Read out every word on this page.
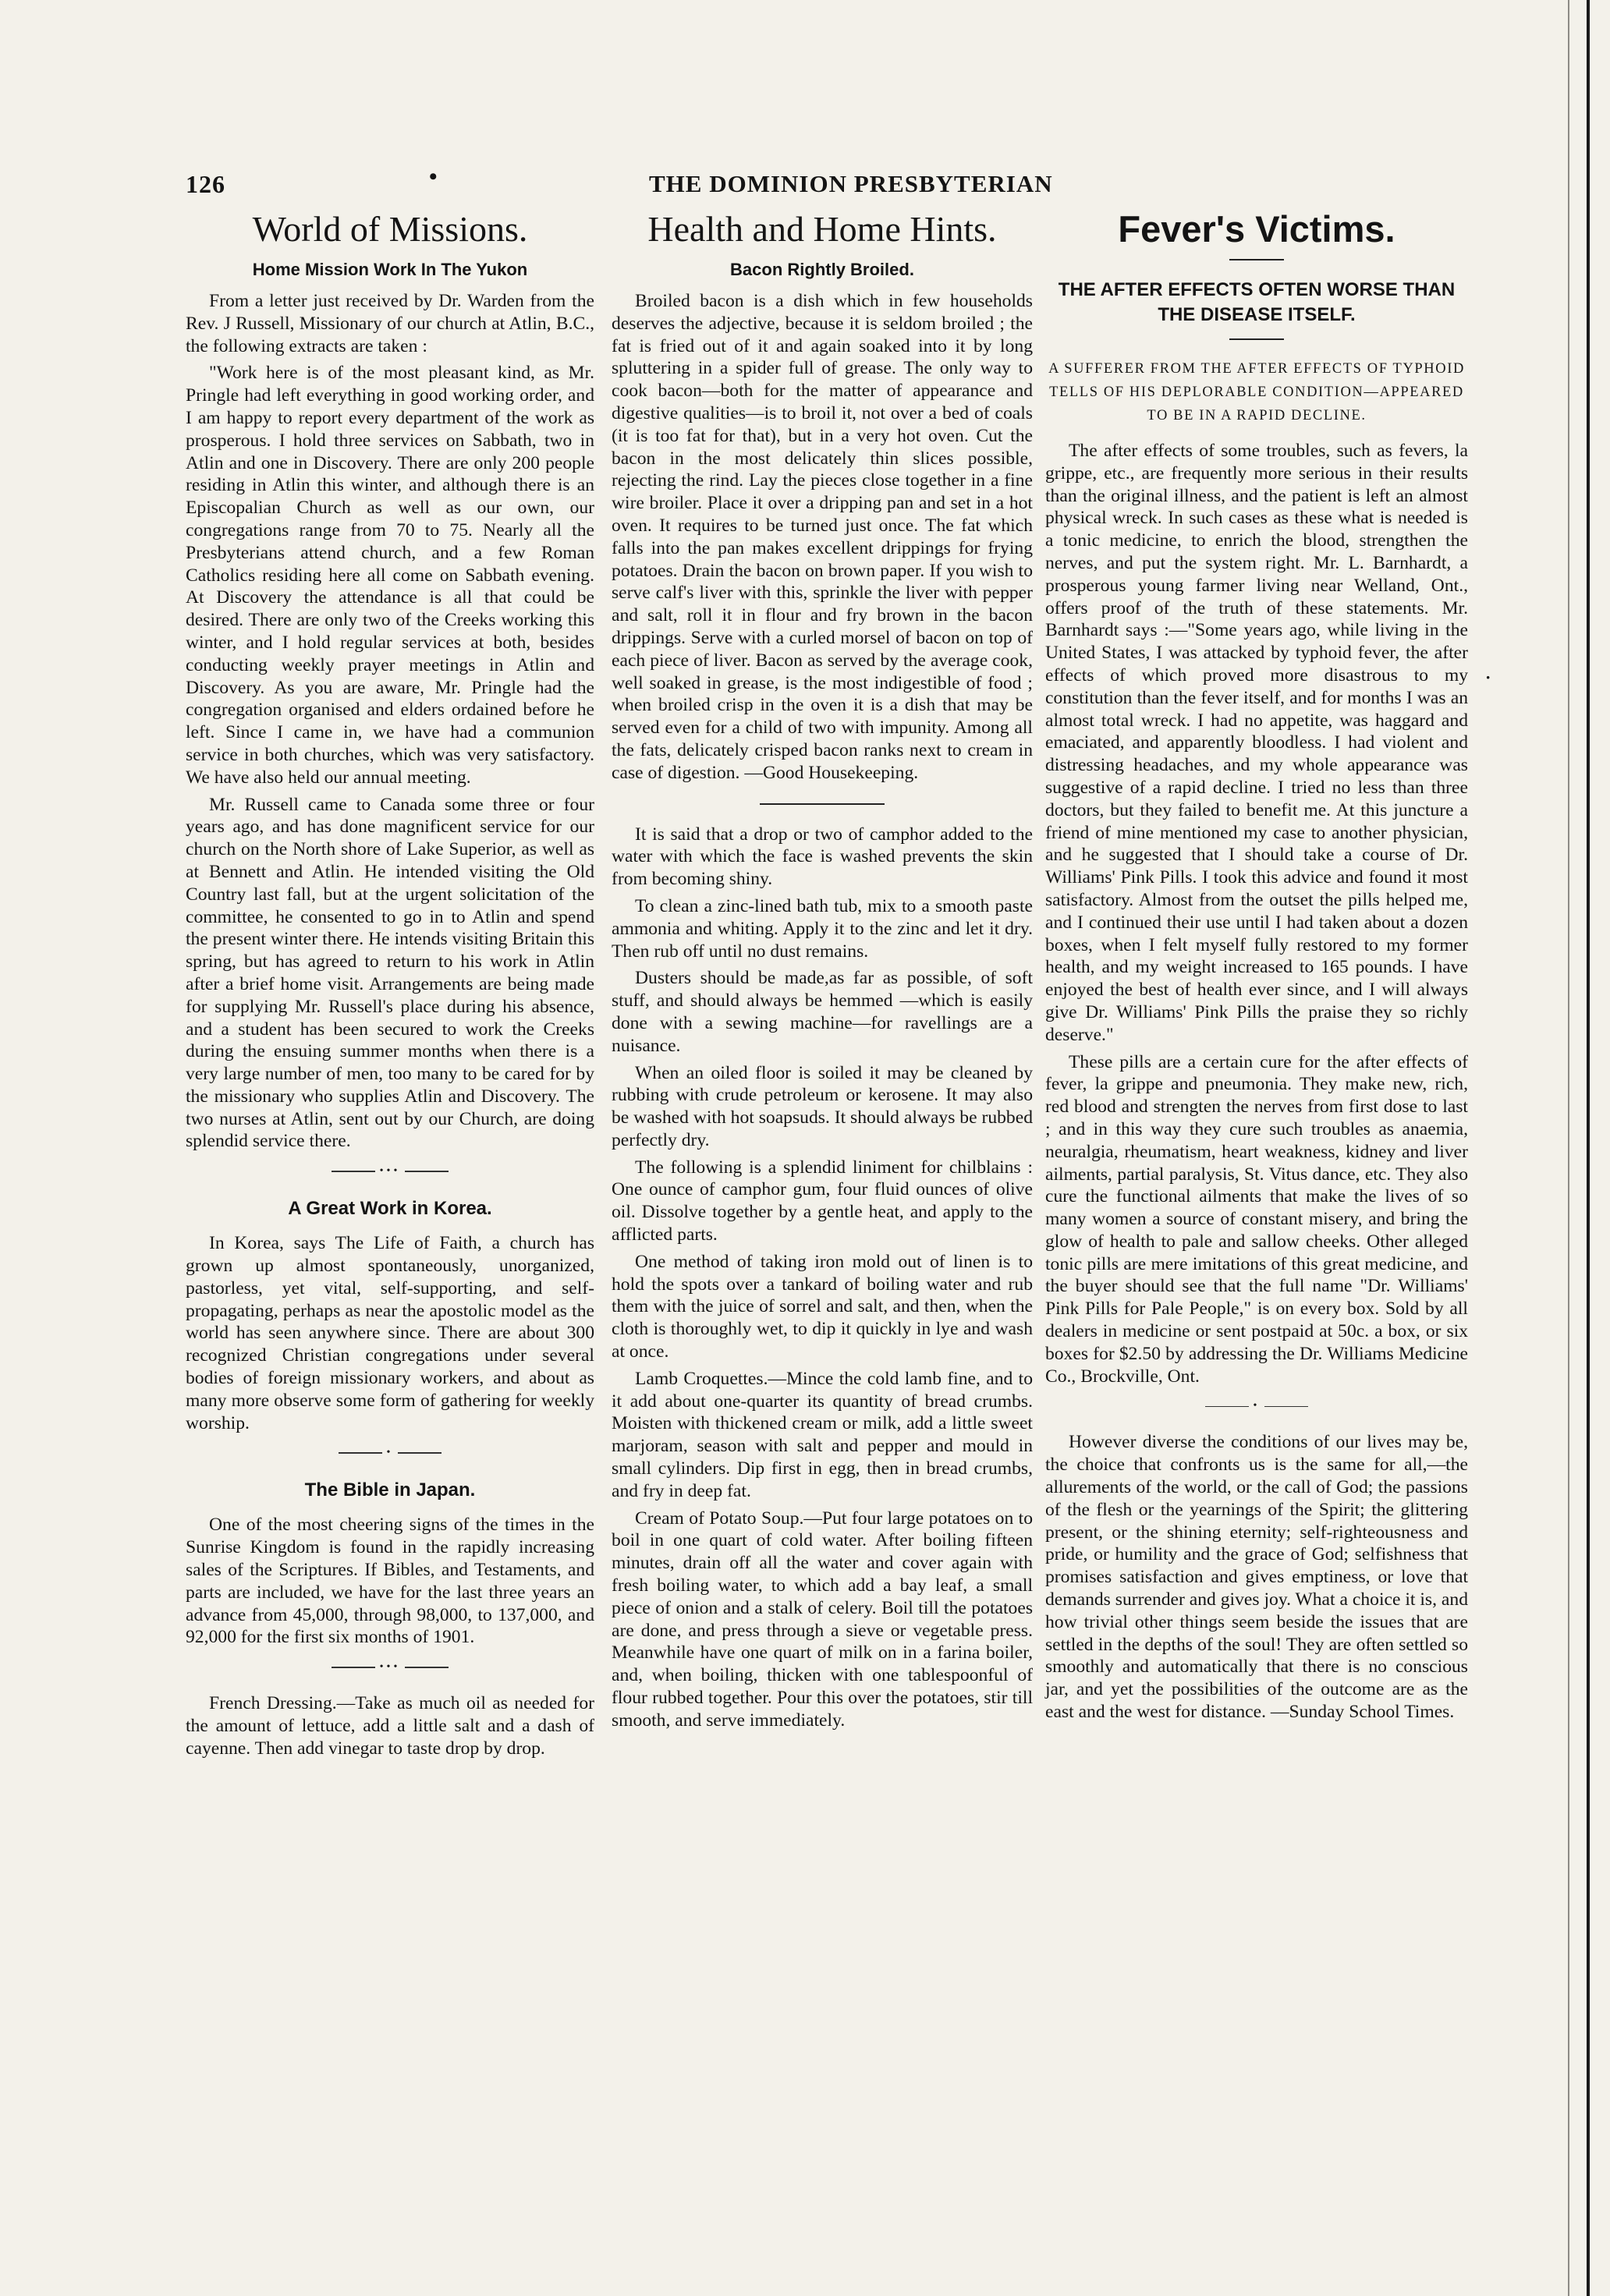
·
126	•	THE DOMINION PRESBYTERIAN
World of Missions.
Home Mission Work In The Yukon

From a letter just received by Dr. Warden from the Rev. J Russell, Missionary of our church at Atlin, B.C., the following extracts are taken :

"Work here is of the most pleasant kind, as Mr. Pringle had left everything in good working order, and I am happy to report every department of the work as prosperous. I hold three services on Sabbath, two in Atlin and one in Discovery. There are only 200 people residing in Atlin this winter, and although there is an Episcopalian Church as well as our own, our congregations range from 70 to 75. Nearly all the Presbyterians attend church, and a few Roman Catholics residing here all come on Sabbath evening. At Discovery the attendance is all that could be desired. There are only two of the Creeks working this winter, and I hold regular services at both, besides conducting weekly prayer meetings in Atlin and Discovery. As you are aware, Mr. Pringle had the congregation organised and elders ordained before he left. Since I came in, we have had a communion service in both churches, which was very satisfactory. We have also held our annual meeting.

Mr. Russell came to Canada some three or four years ago, and has done magnificent service for our church on the North shore of Lake Superior, as well as at Bennett and Atlin. He intended visiting the Old Country last fall, but at the urgent solicitation of the committee, he consented to go in to Atlin and spend the present winter there. He intends visiting Britain this spring, but has agreed to return to his work in Atlin after a brief home visit. Arrangements are being made for supplying Mr. Russell's place during his absence, and a student has been secured to work the Creeks during the ensuing summer months when there is a very large number of men, too many to be cared for by the missionary who supplies Atlin and Discovery. The two nurses at Atlin, sent out by our Church, are doing splendid service there.

•••
A Great Work in Korea.

In Korea, says The Life of Faith, a church has grown up almost spontaneously, unorganized, pastorless, yet vital, self-supporting, and self-propagating, perhaps as near the apostolic model as the world has seen anywhere since. There are about 300 recognized Christian congregations under several bodies of foreign missionary workers, and about as many more observe some form of gathering for weekly worship.

•
The Bible in Japan.

One of the most cheering signs of the times in the Sunrise Kingdom is found in the rapidly increasing sales of the Scriptures. If Bibles, and Testaments, and parts are included, we have for the last three years an advance from 45,000, through 98,000, to 137,000, and 92,000 for the first six months of 1901.

•••

French Dressing.—Take as much oil as needed for the amount of lettuce, add a little salt and a dash of cayenne. Then add vinegar to taste drop by drop.

Health and Home Hints.
Bacon Rightly Broiled.

Broiled bacon is a dish which in few households deserves the adjective, because it is seldom broiled ; the fat is fried out of it and again soaked into it by long spluttering in a spider full of grease. The only way to cook bacon—both for the matter of appearance and digestive qualities—is to broil it, not over a bed of coals (it is too fat for that), but in a very hot oven. Cut the bacon in the most delicately thin slices possible, rejecting the rind. Lay the pieces close together in a fine wire broiler. Place it over a dripping pan and set in a hot oven. It requires to be turned just once. The fat which falls into the pan makes excellent drippings for frying potatoes. Drain the bacon on brown paper. If you wish to serve calf's liver with this, sprinkle the liver with pepper and salt, roll it in flour and fry brown in the bacon drippings. Serve with a curled morsel of bacon on top of each piece of liver. Bacon as served by the average cook, well soaked in grease, is the most indigestible of food ; when broiled crisp in the oven it is a dish that may be served even for a child of two with impunity. Among all the fats, delicately crisped bacon ranks next to cream in case of digestion. —Good Housekeeping.

It is said that a drop or two of camphor added to the water with which the face is washed prevents the skin from becoming shiny.

To clean a zinc-lined bath tub, mix to a smooth paste ammonia and whiting. Apply it to the zinc and let it dry. Then rub off until no dust remains.

Dusters should be made,as far as possible, of soft stuff, and should always be hemmed —which is easily done with a sewing machine—for ravellings are a nuisance.

When an oiled floor is soiled it may be cleaned by rubbing with crude petroleum or kerosene. It may also be washed with hot soapsuds. It should always be rubbed perfectly dry.

The following is a splendid liniment for chilblains : One ounce of camphor gum, four fluid ounces of olive oil. Dissolve together by a gentle heat, and apply to the afflicted parts.

One method of taking iron mold out of linen is to hold the spots over a tankard of boiling water and rub them with the juice of sorrel and salt, and then, when the cloth is thoroughly wet, to dip it quickly in lye and wash at once.

Lamb Croquettes.—Mince the cold lamb fine, and to it add about one-quarter its quantity of bread crumbs. Moisten with thickened cream or milk, add a little sweet marjoram, season with salt and pepper and mould in small cylinders. Dip first in egg, then in bread crumbs, and fry in deep fat.

Cream of Potato Soup.—Put four large potatoes on to boil in one quart of cold water. After boiling fifteen minutes, drain off all the water and cover again with fresh boiling water, to which add a bay leaf, a small piece of onion and a stalk of celery. Boil till the potatoes are done, and press through a sieve or vegetable press. Meanwhile have one quart of milk on in a farina boiler, and, when boiling, thicken with one tablespoonful of flour rubbed together. Pour this over the potatoes, stir till smooth, and serve immediately.

Fever's Victims.
THE AFTER EFFECTS OFTEN WORSE THAN THE DISEASE ITSELF.

A SUFFERER FROM THE AFTER EFFECTS OF TYPHOID TELLS OF HIS DEPLORABLE CONDITION—APPEARED TO BE IN A RAPID DECLINE.

The after effects of some troubles, such as fevers, la grippe, etc., are frequently more serious in their results than the original illness, and the patient is left an almost physical wreck. In such cases as these what is needed is a tonic medicine, to enrich the blood, strengthen the nerves, and put the system right. Mr. L. Barnhardt, a prosperous young farmer living near Welland, Ont., offers proof of the truth of these statements. Mr. Barnhardt says :—"Some years ago, while living in the United States, I was attacked by typhoid fever, the after effects of which proved more disastrous to my constitution than the fever itself, and for months I was an almost total wreck. I had no appetite, was haggard and emaciated, and apparently bloodless. I had violent and distressing headaches, and my whole appearance was suggestive of a rapid decline. I tried no less than three doctors, but they failed to benefit me. At this juncture a friend of mine mentioned my case to another physician, and he suggested that I should take a course of Dr. Williams' Pink Pills. I took this advice and found it most satisfactory. Almost from the outset the pills helped me, and I continued their use until I had taken about a dozen boxes, when I felt myself fully restored to my former health, and my weight increased to 165 pounds. I have enjoyed the best of health ever since, and I will always give Dr. Williams' Pink Pills the praise they so richly deserve."

These pills are a certain cure for the after effects of fever, la grippe and pneumonia. They make new, rich, red blood and strengten the nerves from first dose to last ; and in this way they cure such troubles as anaemia, neuralgia, rheumatism, heart weakness, kidney and liver ailments, partial paralysis, St. Vitus dance, etc. They also cure the functional ailments that make the lives of so many women a source of constant misery, and bring the glow of health to pale and sallow cheeks. Other alleged tonic pills are mere imitations of this great medicine, and the buyer should see that the full name "Dr. Williams' Pink Pills for Pale People," is on every box. Sold by all dealers in medicine or sent postpaid at 50c. a box, or six boxes for $2.50 by addressing the Dr. Williams Medicine Co., Brockville, Ont.

•

However diverse the conditions of our lives may be, the choice that confronts us is the same for all,—the allurements of the world, or the call of God; the passions of the flesh or the yearnings of the Spirit; the glittering present, or the shining eternity; self-righteousness and pride, or humility and the grace of God; selfishness that promises satisfaction and gives emptiness, or love that demands surrender and gives joy. What a choice it is, and how trivial other things seem beside the issues that are settled in the depths of the soul! They are often settled so smoothly and automatically that there is no conscious jar, and yet the possibilities of the outcome are as the east and the west for distance. —Sunday School Times.
